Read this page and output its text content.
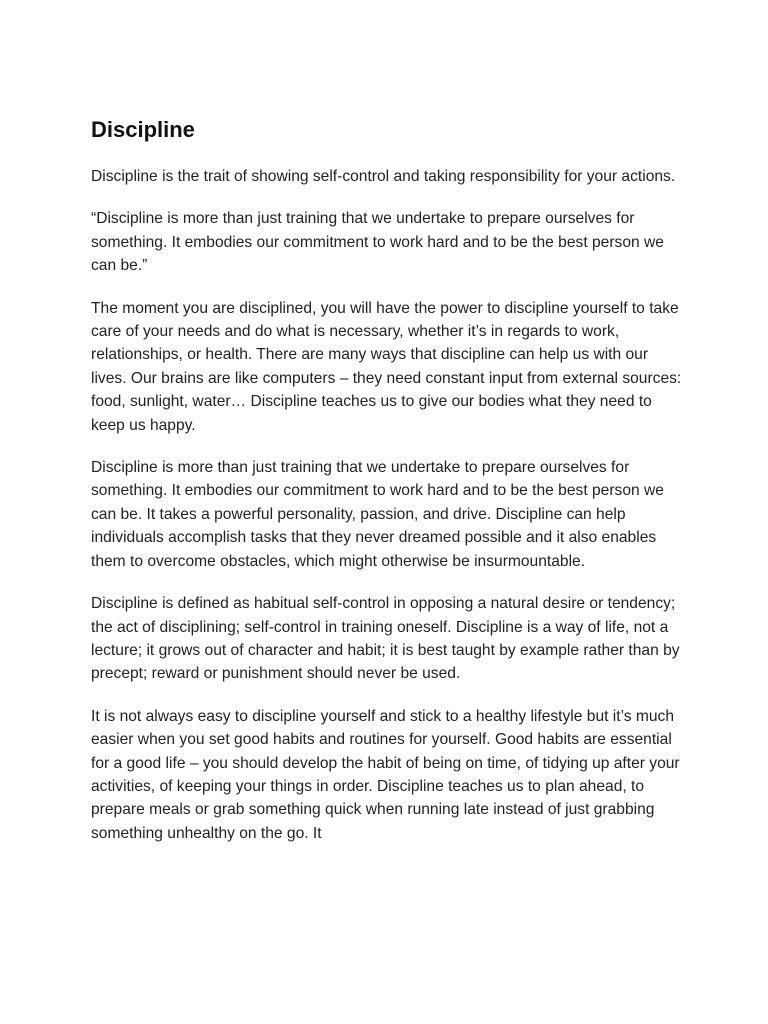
Discipline

Discipline is the trait of showing self-control and taking responsibility for your actions.

“Discipline is more than just training that we undertake to prepare ourselves for something. It embodies our commitment to work hard and to be the best person we can be.”

The moment you are disciplined, you will have the power to discipline yourself to take care of your needs and do what is necessary, whether it’s in regards to work, relationships, or health. There are many ways that discipline can help us with our lives. Our brains are like computers – they need constant input from external sources: food, sunlight, water… Discipline teaches us to give our bodies what they need to keep us happy.

Discipline is more than just training that we undertake to prepare ourselves for something. It embodies our commitment to work hard and to be the best person we can be. It takes a powerful personality, passion, and drive. Discipline can help individuals accomplish tasks that they never dreamed possible and it also enables them to overcome obstacles, which might otherwise be insurmountable.

Discipline is defined as habitual self-control in opposing a natural desire or tendency; the act of disciplining; self-control in training oneself. Discipline is a way of life, not a lecture; it grows out of character and habit; it is best taught by example rather than by precept; reward or punishment should never be used.

It is not always easy to discipline yourself and stick to a healthy lifestyle but it’s much easier when you set good habits and routines for yourself. Good habits are essential for a good life – you should develop the habit of being on time, of tidying up after your activities, of keeping your things in order. Discipline teaches us to plan ahead, to prepare meals or grab something quick when running late instead of just grabbing something unhealthy on the go. It
